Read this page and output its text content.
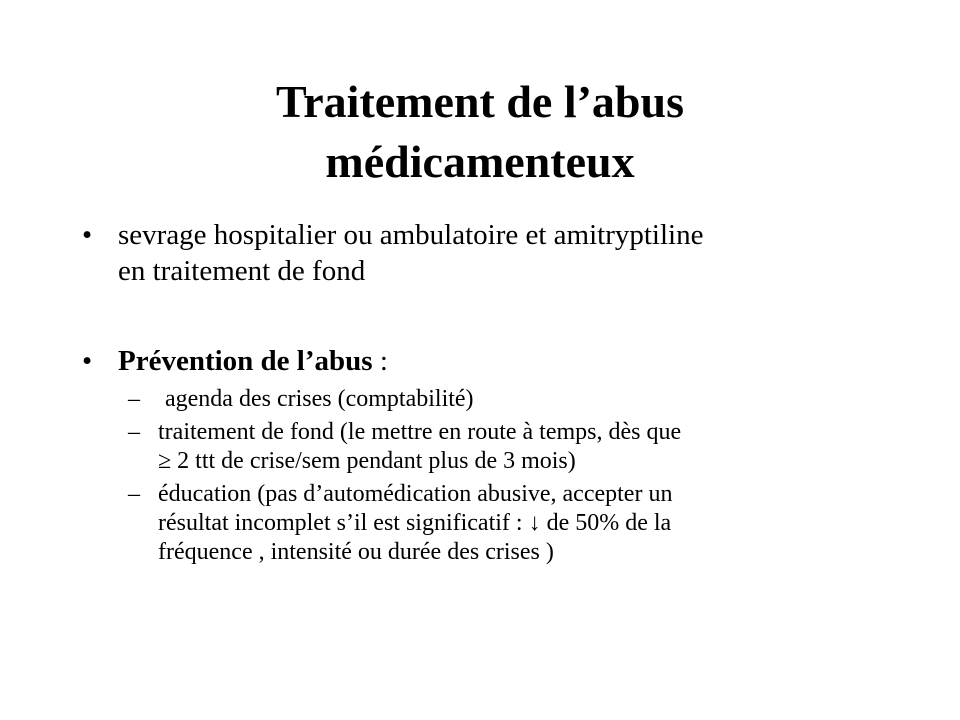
Traitement de l’abus
médicamenteux
• sevrage hospitalier ou ambulatoire et amitryptiline
en traitement de fond
• Prévention de l’abus :
– agenda des crises (comptabilité)
– traitement de fond (le mettre en route à temps, dès que
≥ 2 ttt de crise/sem pendant plus de 3 mois)
– éducation (pas d’automédication abusive, accepter un
résultat incomplet s’il est significatif : ↓ de 50% de la
fréquence , intensité ou durée des crises )
